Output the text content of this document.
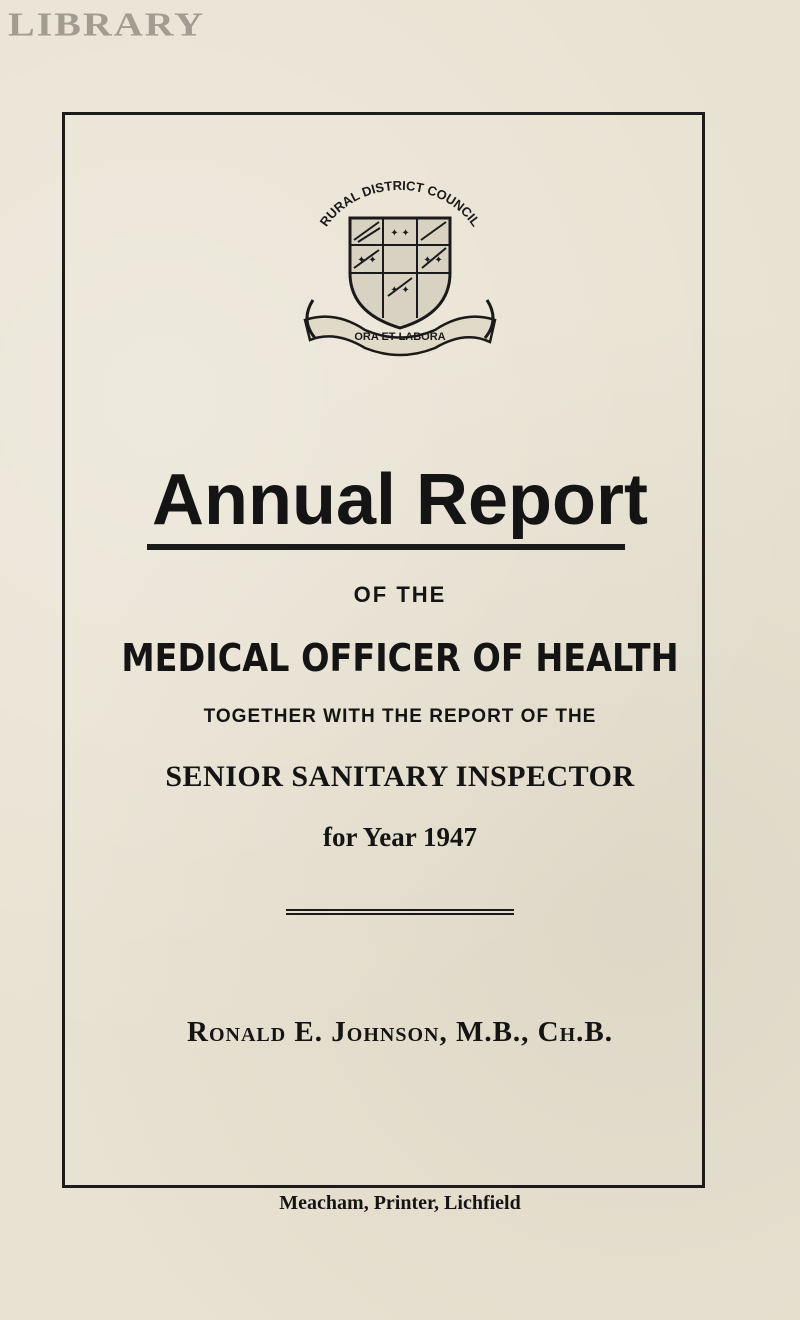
LIBRARY
RURAL DISTRICT COUNCIL
✦ ✦
✦ ✦	✦ ✦
✦ ✦
ORA ET LABORA
Annual Report
OF THE
MEDICAL OFFICER OF HEALTH
TOGETHER WITH THE REPORT OF THE
SENIOR SANITARY INSPECTOR
for Year 1947
Ronald E. Johnson, M.B., Ch.B.
Meacham, Printer, Lichfield
